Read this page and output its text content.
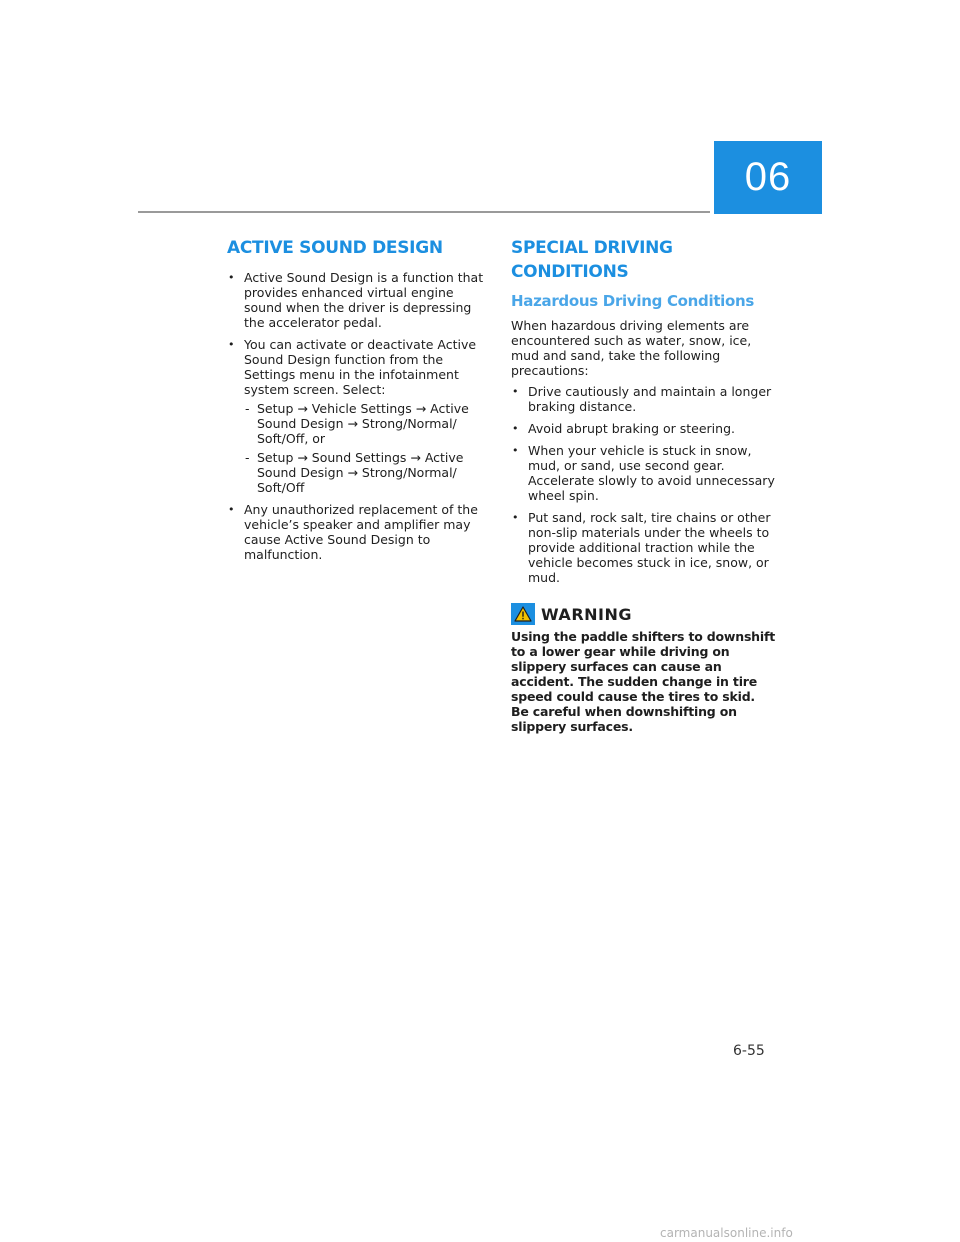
06
ACTIVE SOUND DESIGN
• Active Sound Design is a function that provides enhanced virtual engine sound when the driver is depressing the accelerator pedal.
• You can activate or deactivate Active Sound Design function from the Settings menu in the infotainment system screen. Select:
- Setup → Vehicle Settings → Active Sound Design → Strong/Normal/ Soft/Off, or
- Setup → Sound Settings → Active Sound Design → Strong/Normal/ Soft/Off
• Any unauthorized replacement of the vehicle’s speaker and amplifier may cause Active Sound Design to malfunction.
SPECIAL DRIVING CONDITIONS
Hazardous Driving Conditions

When hazardous driving elements are encountered such as water, snow, ice, mud and sand, take the following precautions:

• Drive cautiously and maintain a longer braking distance.
• Avoid abrupt braking or steering.
• When your vehicle is stuck in snow, mud, or sand, use second gear. Accelerate slowly to avoid unnecessary wheel spin.
• Put sand, rock salt, tire chains or other non-slip materials under the wheels to provide additional traction while the vehicle becomes stuck in ice, snow, or mud.
WARNING

Using the paddle shifters to downshift to a lower gear while driving on slippery surfaces can cause an accident. The sudden change in tire speed could cause the tires to skid. Be careful when downshifting on slippery surfaces.

6-55
carmanualsonline.info
